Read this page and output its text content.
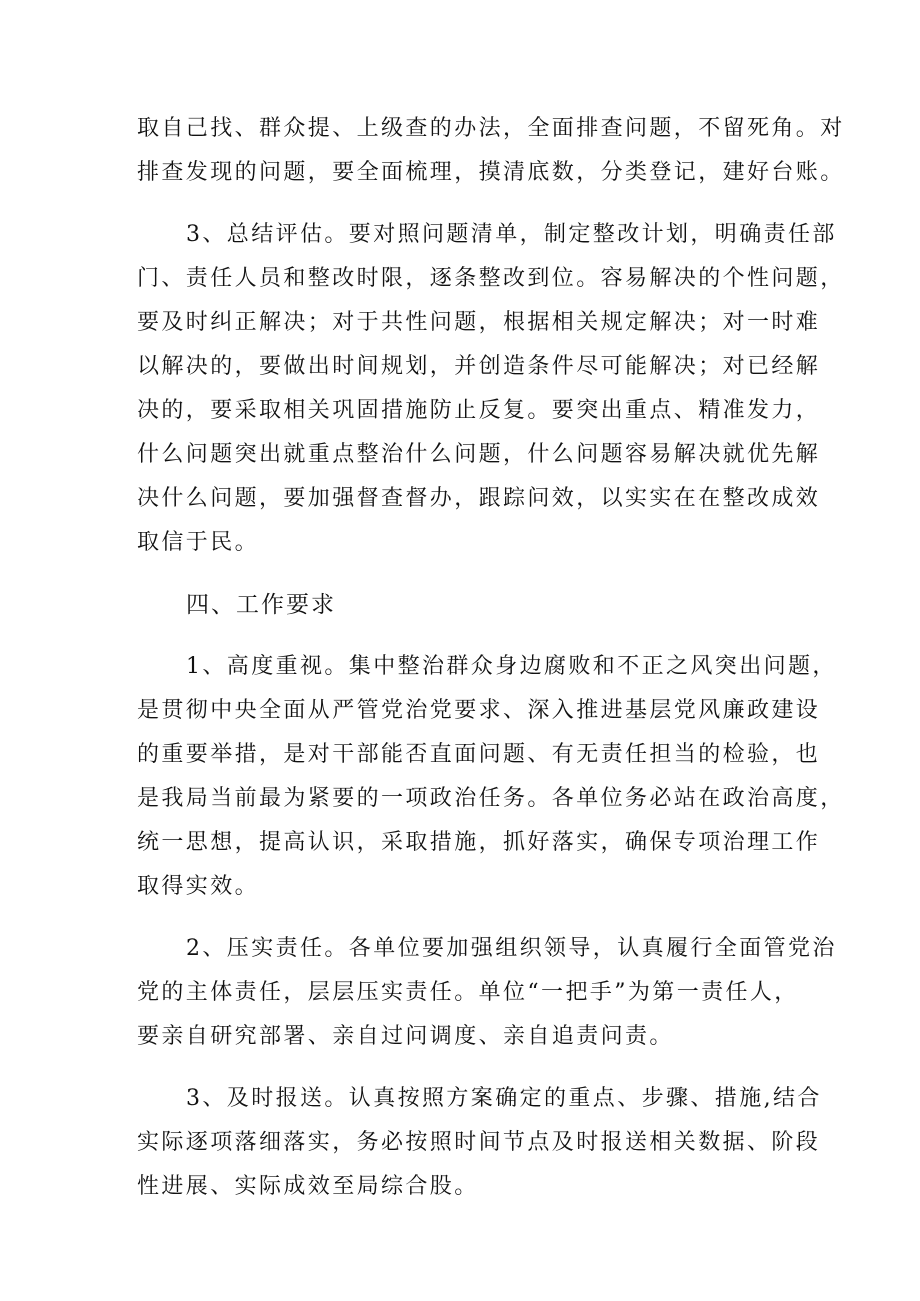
取自己找、群众提、上级查的办法，全面排查问题，不留死角。对
排查发现的问题，要全面梳理，摸清底数，分类登记，建好台账。
3、总结评估。要对照问题清单，制定整改计划，明确责任部
门、责任人员和整改时限，逐条整改到位。容易解决的个性问题，
要及时纠正解决；对于共性问题，根据相关规定解决；对一时难
以解决的，要做出时间规划，并创造条件尽可能解决；对已经解
决的，要采取相关巩固措施防止反复。要突出重点、精准发力，
什么问题突出就重点整治什么问题，什么问题容易解决就优先解
决什么问题，要加强督查督办，跟踪问效，以实实在在整改成效
取信于民。
四、工作要求
1、高度重视。集中整治群众身边腐败和不正之风突出问题，
是贯彻中央全面从严管党治党要求、深入推进基层党风廉政建设
的重要举措，是对干部能否直面问题、有无责任担当的检验，也
是我局当前最为紧要的一项政治任务。各单位务必站在政治高度，
统一思想，提高认识，采取措施，抓好落实，确保专项治理工作
取得实效。
2、压实责任。各单位要加强组织领导，认真履行全面管党治
党的主体责任，层层压实责任。单位“一把手”为第一责任人，
要亲自研究部署、亲自过问调度、亲自追责问责。
3、及时报送。认真按照方案确定的重点、步骤、措施,结合
实际逐项落细落实，务必按照时间节点及时报送相关数据、阶段
性进展、实际成效至局综合股。
